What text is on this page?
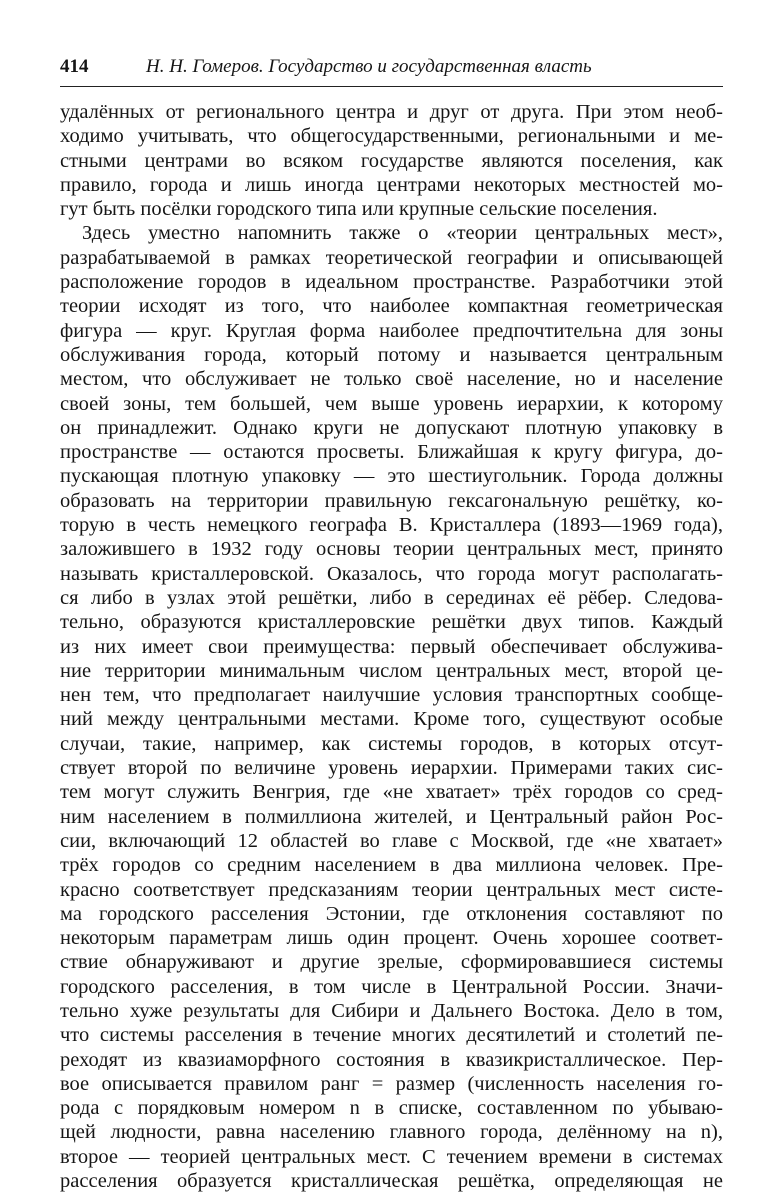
414	Н. Н. Гомеров. Государство и государственная власть
удалённых от регионального центра и друг от друга. При этом необ-
ходимо учитывать, что общегосударственными, региональными и ме-
стными центрами во всяком государстве являются поселения, как
правило, города и лишь иногда центрами некоторых местностей мо-
гут быть посёлки городского типа или крупные сельские поселения.
Здесь уместно напомнить также о «теории центральных мест»,
разрабатываемой в рамках теоретической географии и описывающей
расположение городов в идеальном пространстве. Разработчики этой
теории исходят из того, что наиболее компактная геометрическая
фигура — круг. Круглая форма наиболее предпочтительна для зоны
обслуживания города, который потому и называется центральным
местом, что обслуживает не только своё население, но и население
своей зоны, тем большей, чем выше уровень иерархии, к которому
он принадлежит. Однако круги не допускают плотную упаковку в
пространстве — остаются просветы. Ближайшая к кругу фигура, до-
пускающая плотную упаковку — это шестиугольник. Города должны
образовать на территории правильную гексагональную решётку, ко-
торую в честь немецкого географа В. Кристаллера (1893—1969 года),
заложившего в 1932 году основы теории центральных мест, принято
называть кристаллеровской. Оказалось, что города могут располагать-
ся либо в узлах этой решётки, либо в серединах её рёбер. Следова-
тельно, образуются кристаллеровские решётки двух типов. Каждый
из них имеет свои преимущества: первый обеспечивает обслужива-
ние территории минимальным числом центральных мест, второй це-
нен тем, что предполагает наилучшие условия транспортных сообще-
ний между центральными местами. Кроме того, существуют особые
случаи, такие, например, как системы городов, в которых отсут-
ствует второй по величине уровень иерархии. Примерами таких сис-
тем могут служить Венгрия, где «не хватает» трёх городов со сред-
ним населением в полмиллиона жителей, и Центральный район Рос-
сии, включающий 12 областей во главе с Москвой, где «не хватает»
трёх городов со средним населением в два миллиона человек. Пре-
красно соответствует предсказаниям теории центральных мест систе-
ма городского расселения Эстонии, где отклонения составляют по
некоторым параметрам лишь один процент. Очень хорошее соответ-
ствие обнаруживают и другие зрелые, сформировавшиеся системы
городского расселения, в том числе в Центральной России. Значи-
тельно хуже результаты для Сибири и Дальнего Востока. Дело в том,
что системы расселения в течение многих десятилетий и столетий пе-
реходят из квазиаморфного состояния в квазикристаллическое. Пер-
вое описывается правилом ранг = размер (численность населения го-
рода с порядковым номером n в списке, составленном по убываю-
щей людности, равна населению главного города, делённому на n),
второе — теорией центральных мест. С течением времени в системах
расселения образуется кристаллическая решётка, определяющая не
